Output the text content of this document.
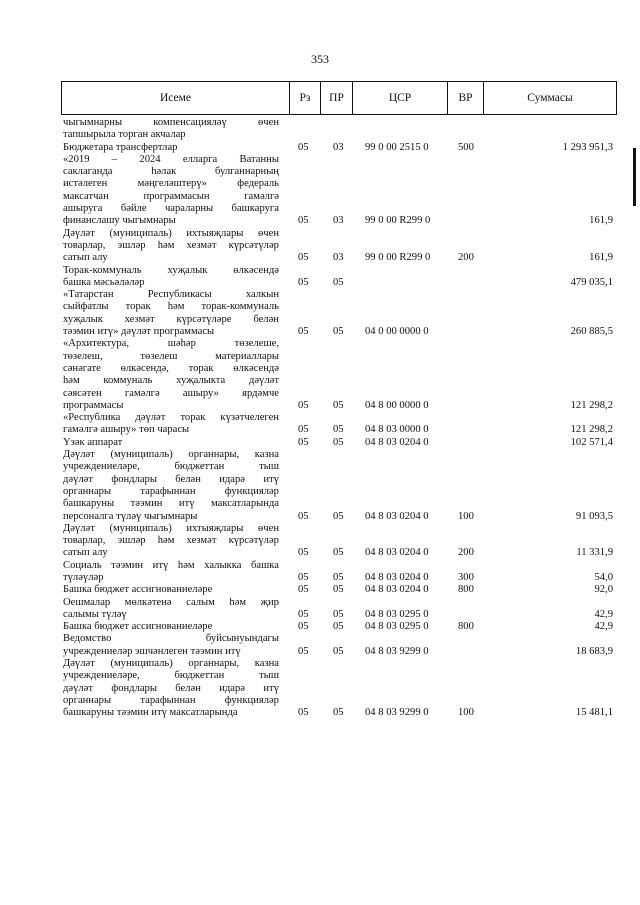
353
Исеме	Рз	ПР	ЦСР	ВР	Суммасы
чыгымнарны	компенсацияләү	өчен
тапшырыла торган акчалар
Бюджетара трансфертлар	05 03 99 0 00 2515 0	500	1 293 951,3
«2019 – 2024 елларга Ватанны
саклаганда	һәлак	булганнарның
истәлеген	мәңгеләштерү»	федераль
максатчан	программасын	гамәлгә
ашыруга бәйле чараларны башкаруга
финанслашу чыгымнары	05 03 99 0 00 R299 0	161,9
Дәүләт (муниципаль) ихтыяҗлары өчен
товарлар, эшләр һәм хезмәт күрсәтүләр
сатып алу	05 03 99 0 00 R299 0	200	161,9
Торак-коммуналь хуҗалык өлкәсендә
башка мәсьәләләр	05 05	479 035,1
«Татарстан	Республикасы	халкын
сыйфатлы торак һәм торак-коммуналь
хуҗалык хезмәт күрсәтүләре белән
тәэмин итү» дәүләт программасы	05 05 04 0 00 0000 0	260 885,5
«Архитектура,	шәһәр	төзелеше,
төзелеш,	төзелеш	материаллары
сәнәгате өлкәсендә, торак өлкәсендә
һәм коммуналь хуҗалыкта дәүләт
сәясәтен гамәлгә ашыру» ярдәмче
программасы	05 05 04 8 00 0000 0	121 298,2
«Республика дәүләт торак күзәтчелеген
гамәлгә ашыру» төп чарасы	05 05 04 8 03 0000 0	121 298,2
Үзәк аппарат	05 05 04 8 03 0204 0	102 571,4
Дәүләт (муниципаль) органнары, казна
учреждениеләре,	бюджеттан	тыш
дәүләт фондлары белән идарә итү
органнары	тарафыннан	функцияләр
башкаруны тәэмин итү максатларында
персоналга түләү чыгымнары	05 05 04 8 03 0204 0	100	91 093,5
Дәүләт (муниципаль) ихтыяҗлары өчен
товарлар, эшләр һәм хезмәт күрсәтүләр
сатып алу	05 05 04 8 03 0204 0	200	11 331,9
Социаль тәэмин итү һәм халыкка башка
түләүләр	05 05 04 8 03 0204 0	300	54,0
Башка бюджет ассигнованиеләре	05 05 04 8 03 0204 0	800	92,0
Оешмалар мөлкәтенә салым һәм җир
салымы түләү	05 05 04 8 03 0295 0	42,9
Башка бюджет ассигнованиеләре	05 05 04 8 03 0295 0	800	42,9
Ведомство	буйсынуындагы
учреждениеләр эшчәнлеген тәэмин итү	05 05 04 8 03 9299 0	18 683,9
Дәүләт (муниципаль) органнары, казна
учреждениеләре,	бюджеттан	тыш
дәүләт фондлары белән идарә итү
органнары	тарафыннан	функцияләр
башкаруны тәэмин итү максатларында	05 05 04 8 03 9299 0	100	15 481,1
